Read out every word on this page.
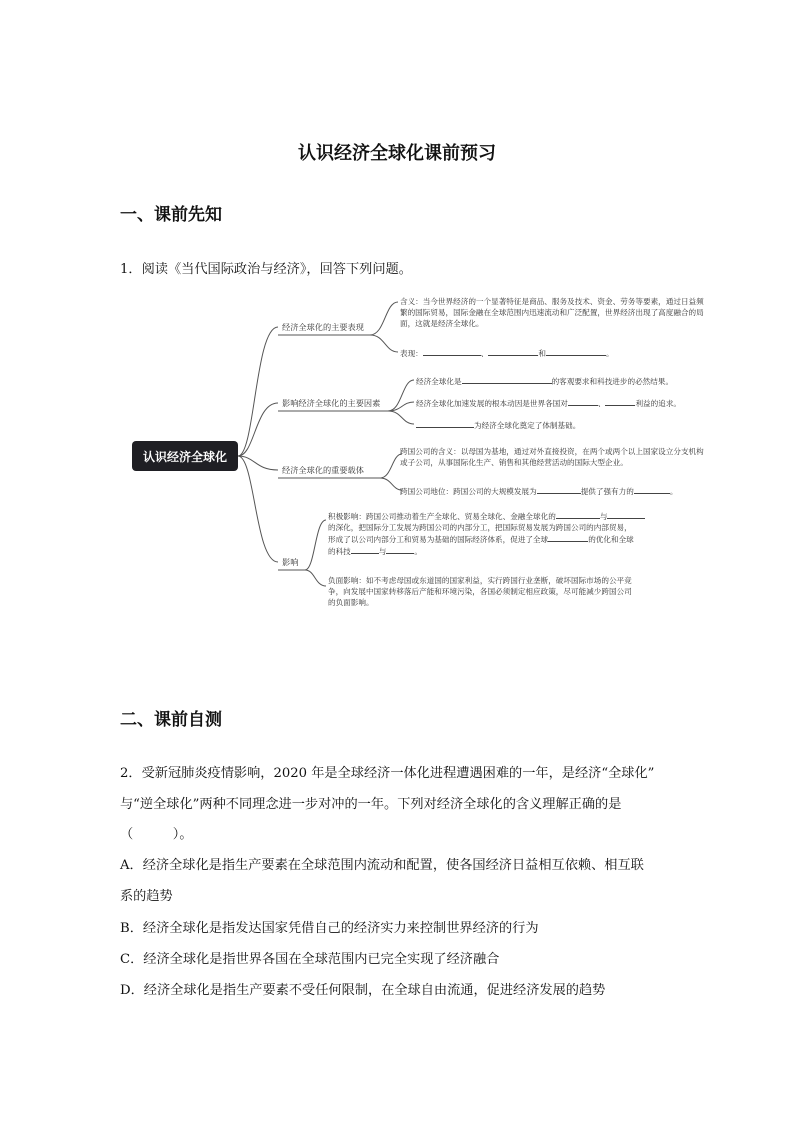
认识经济全球化课前预习
一、课前先知
1．阅读《当代国际政治与经济》，回答下列问题。
认识经济全球化
经济全球化的主要表现
影响经济全球化的主要因素
经济全球化的重要载体
影响
含义：当今世界经济的一个显著特征是商品、服务及技术、资金、劳务等要素，通过日益频
繁的国际贸易，国际金融在全球范围内迅速流动和广泛配置，世界经济出现了高度融合的局
面，这就是经济全球化。
表现：	、	和	。
经济全球化是	的客观要求和科技进步的必然结果。
经济全球化加速发展的根本动因是世界各国对	、	利益的追求。
为经济全球化奠定了体制基础。
跨国公司的含义：以母国为基地，通过对外直接投资，在两个或两个以上国家设立分支机构
或子公司，从事国际化生产、销售和其他经营活动的国际大型企业。
跨国公司地位：跨国公司的大规模发展为	提供了强有力的	。
积极影响：跨国公司推动着生产全球化、贸易全球化、金融全球化的	与
的深化，把国际分工发展为跨国公司的内部分工，把国际贸易发展为跨国公司的内部贸易，
形成了以公司内部分工和贸易为基础的国际经济体系，促进了全球	的优化和全球
的科技	与	。
负面影响：如不考虑母国或东道国的国家利益，实行跨国行业垄断，破坏国际市场的公平竞
争，向发展中国家转移落后产能和环境污染，各国必须制定相应政策，尽可能减少跨国公司
的负面影响。
二、课前自测
2．受新冠肺炎疫情影响，2020 年是全球经济一体化进程遭遇困难的一年，是经济“全球化”
与“逆全球化”两种不同理念进一步对冲的一年。下列对经济全球化的含义理解正确的是
（　　　）。
A．经济全球化是指生产要素在全球范围内流动和配置，使各国经济日益相互依赖、相互联
系的趋势
B．经济全球化是指发达国家凭借自己的经济实力来控制世界经济的行为
C．经济全球化是指世界各国在全球范围内已完全实现了经济融合
D．经济全球化是指生产要素不受任何限制，在全球自由流通，促进经济发展的趋势
